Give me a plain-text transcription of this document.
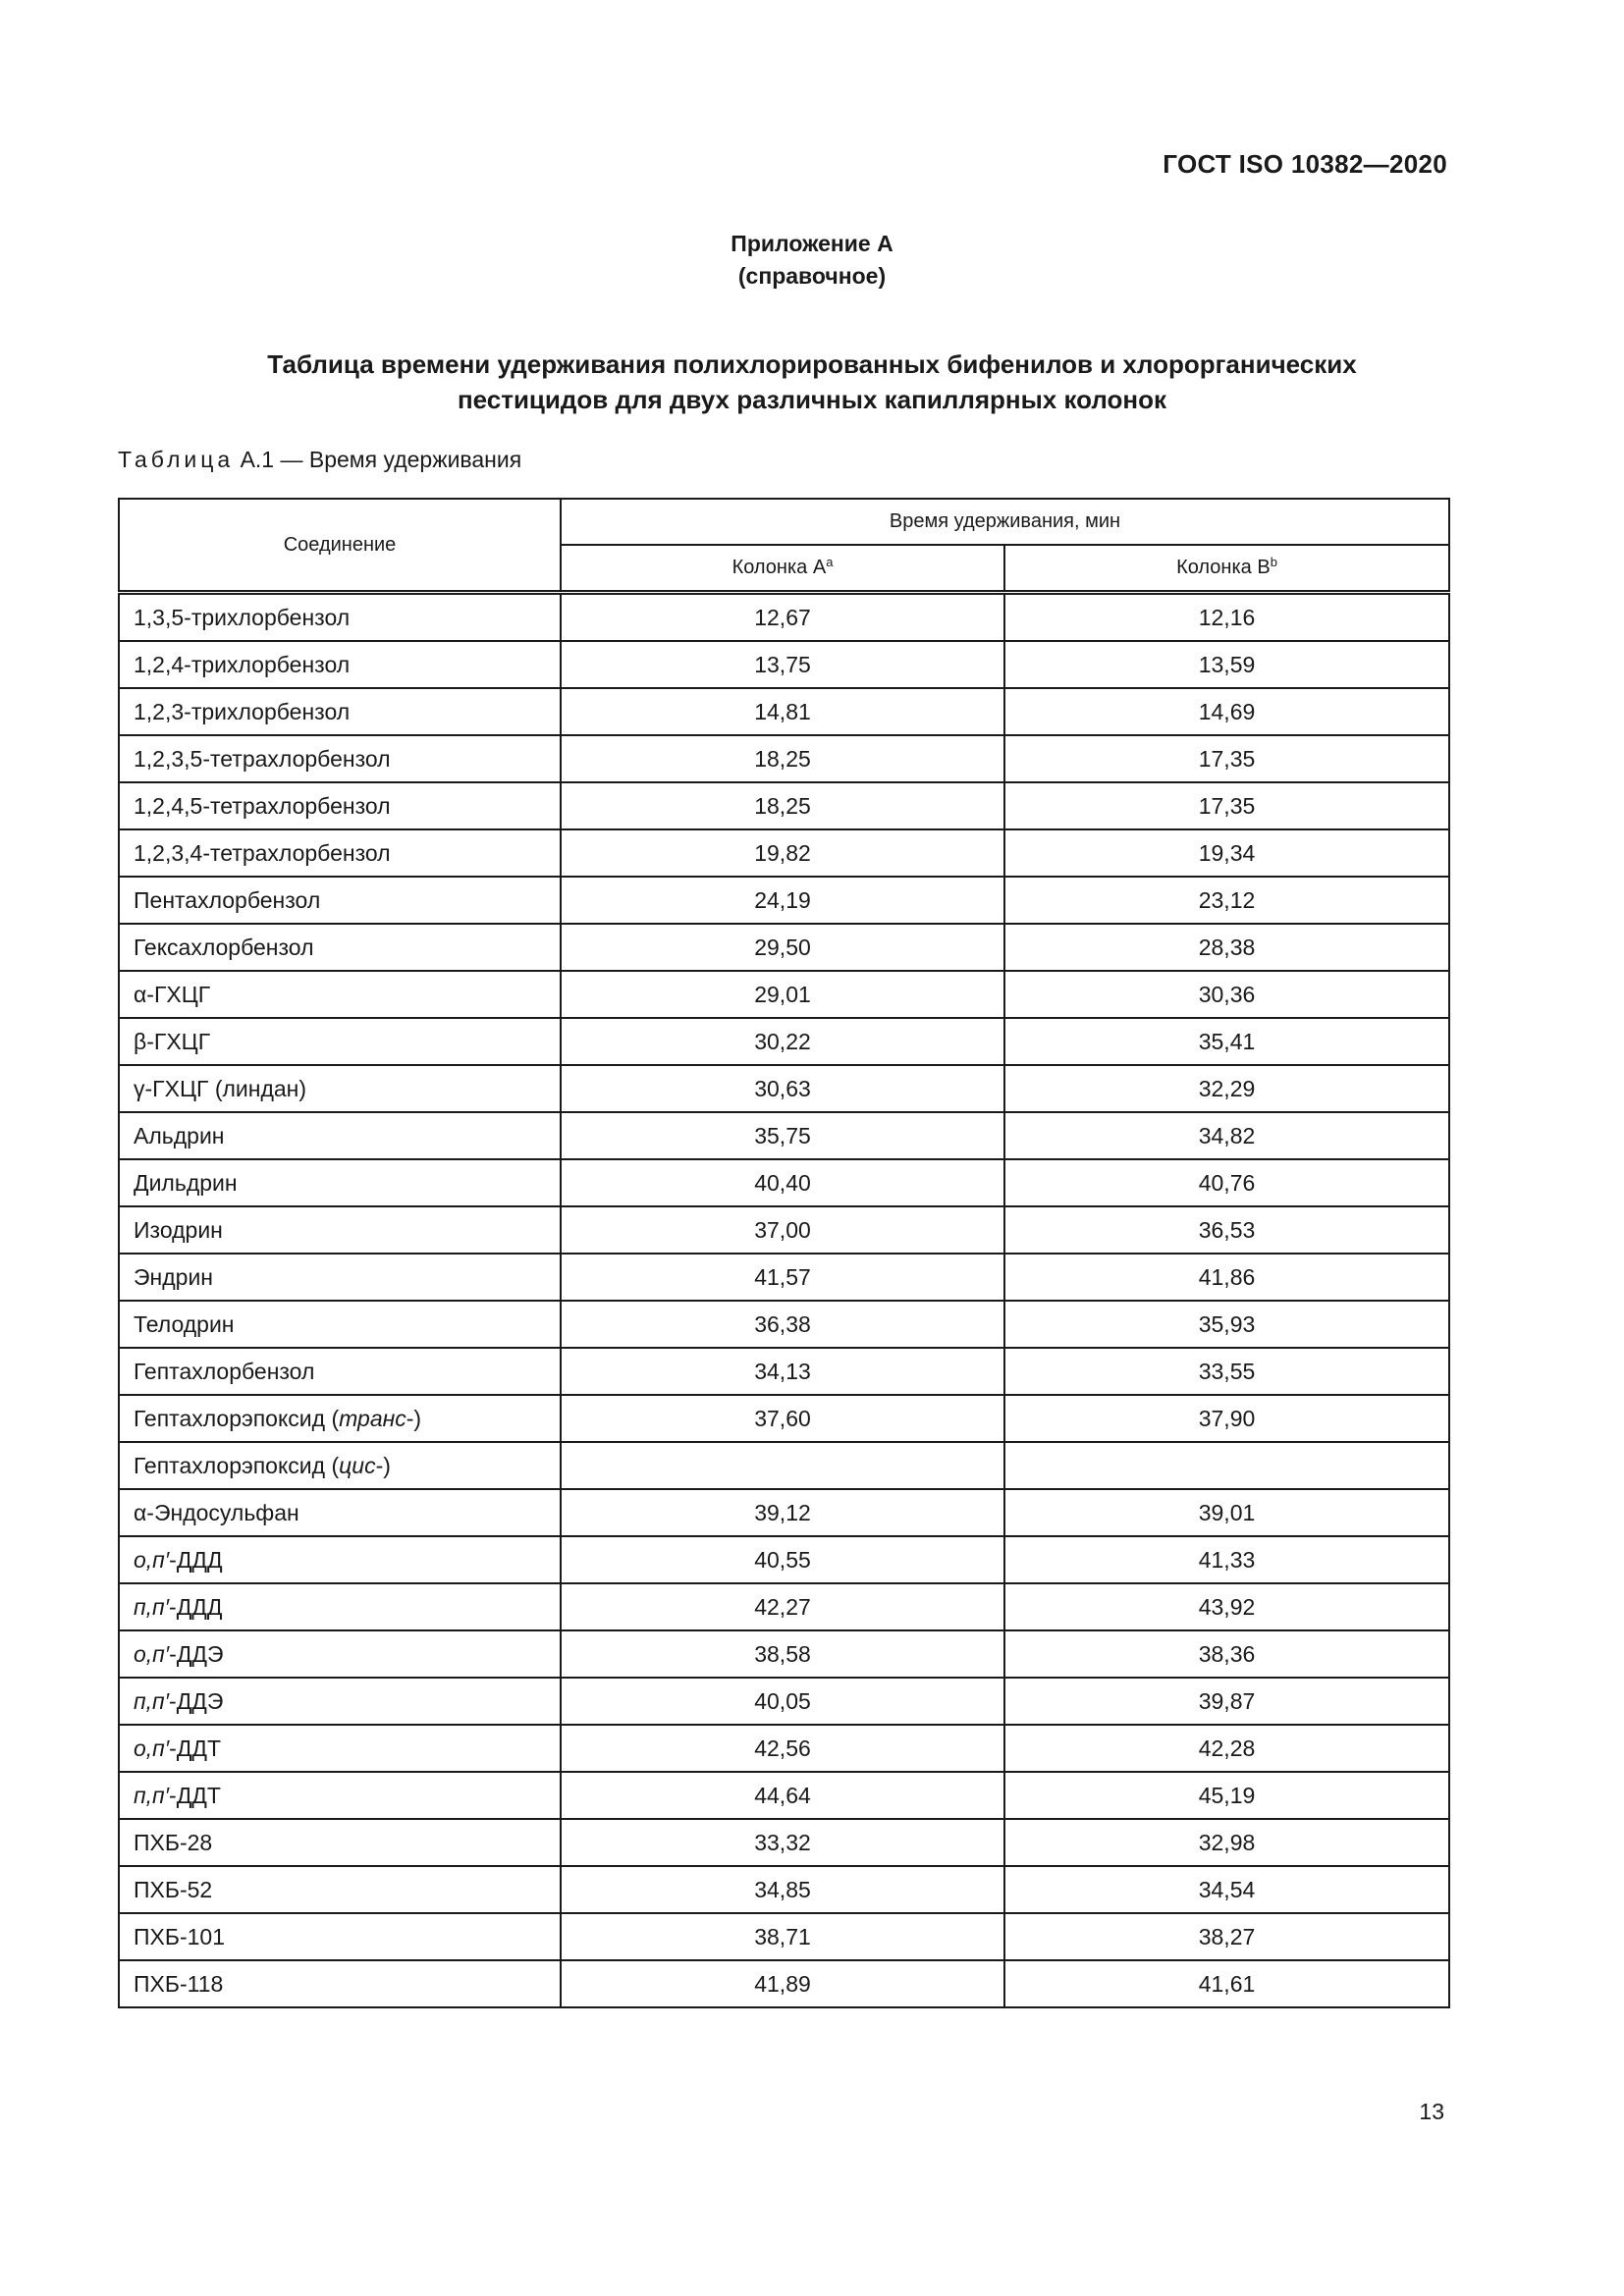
ГОСТ ISO 10382—2020
Приложение А
(справочное)
Таблица времени удерживания полихлорированных бифенилов и хлорорганических
пестицидов для двух различных капиллярных колонок
Таблица А.1 — Время удерживания
Соединение	Время удерживания, мин	
	Колонка $А^a$	Колонка $В^b$
1,3,5-трихлорбензол	12,67	12,16
1,2,4-трихлорбензол	13,75	13,59
1,2,3-трихлорбензол	14,81	14,69
1,2,3,5-тетрахлорбензол	18,25	17,35
1,2,4,5-тетрахлорбензол	18,25	17,35
1,2,3,4-тетрахлорбензол	19,82	19,34
Пентахлорбензол	24,19	23,12
Гексахлорбензол	29,50	28,38
α-ГХЦГ	29,01	30,36
β-ГХЦГ	30,22	35,41
γ-ГХЦГ (линдан)	30,63	32,29
Альдрин	35,75	34,82
Дильдрин	40,40	40,76
Изодрин	37,00	36,53
Эндрин	41,57	41,86
Телодрин	36,38	35,93
Гептахлорбензол	34,13	33,55
Гептахлорэпоксид (транс-)	37,60	37,90
Гептахлорэпоксид (цис-)		
α-Эндосульфан	39,12	39,01
о,п′-ДДД	40,55	41,33
п,п′-ДДД	42,27	43,92
о,п′-ДДЭ	38,58	38,36
п,п′-ДДЭ	40,05	39,87
о,п′-ДДТ	42,56	42,28
п,п′-ДДТ	44,64	45,19
ПХБ-28	33,32	32,98
ПХБ-52	34,85	34,54
ПХБ-101	38,71	38,27
ПХБ-118	41,89	41,61
13
